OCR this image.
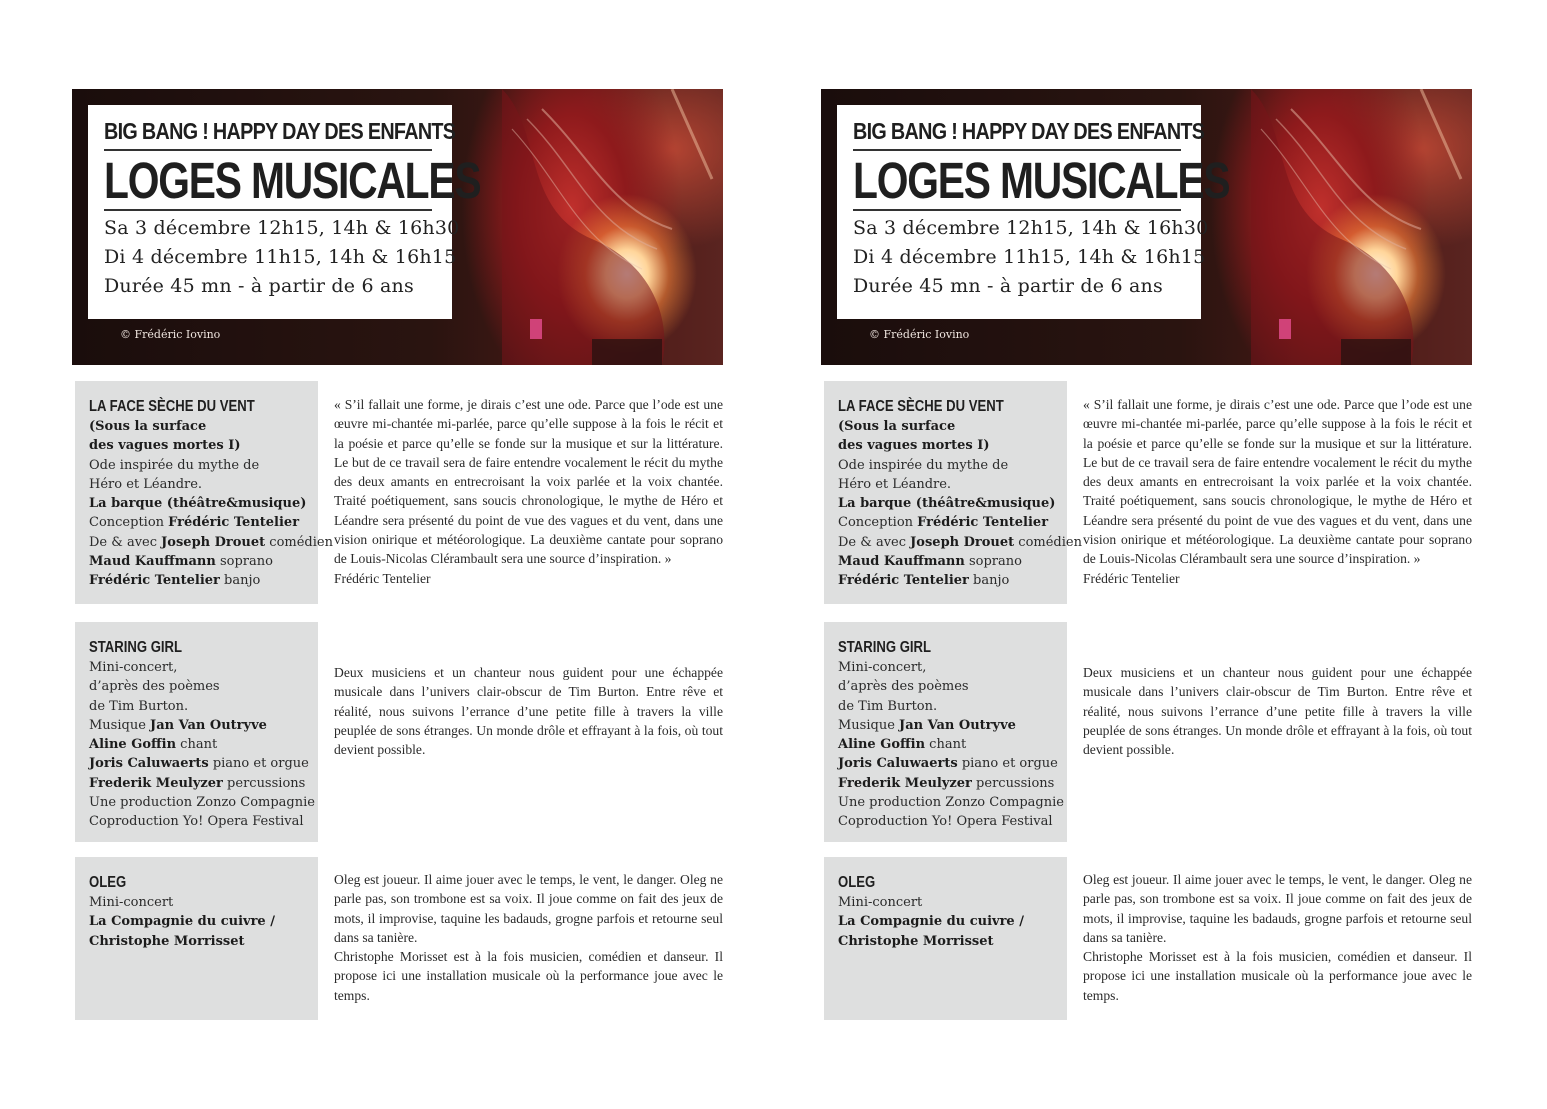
BIG BANG ! HAPPY DAY DES ENFANTS
LOGES MUSICALES
Sa 3 décembre 12h15, 14h & 16h30
Di 4 décembre 11h15, 14h & 16h15
Durée 45 mn - à partir de 6 ans
© Frédéric Iovino
LA FACE SÈCHE DU VENT
(Sous la surface
des vagues mortes I)
Ode inspirée du mythe de
Héro et Léandre.
La barque (théâtre&musique)
Conception Frédéric Tentelier
De & avec Joseph Drouet comédien
Maud Kauffmann soprano
Frédéric Tentelier banjo

« S’il fallait une forme, je dirais c’est une ode. Parce que l’ode est une œuvre mi-chantée mi-parlée, parce qu’elle suppose à la fois le récit et la poésie et parce qu’elle se fonde sur la musique et sur la littérature. Le but de ce travail sera de faire entendre vocalement le récit du mythe des deux amants en entrecroisant la voix parlée et la voix chantée. Traité poétiquement, sans soucis chronologique, le mythe de Héro et Léandre sera présenté du point de vue des vagues et du vent, dans une vision onirique et météorologique. La deuxième cantate pour soprano de Louis-Nicolas Clérambault sera une source d’inspiration. »

Frédéric Tentelier

STARING GIRL
Mini-concert,
d’après des poèmes
de Tim Burton.
Musique Jan Van Outryve
Aline Goffin chant
Joris Caluwaerts piano et orgue
Frederik Meulyzer percussions
Une production Zonzo Compagnie
Coproduction Yo! Opera Festival

Deux musiciens et un chanteur nous guident pour une échappée musicale dans l’univers clair-obscur de Tim Burton. Entre rêve et réalité, nous suivons l’errance d’une petite fille à travers la ville peuplée de sons étranges. Un monde drôle et effrayant à la fois, où tout devient possible.

OLEG
Mini-concert
La Compagnie du cuivre /
Christophe Morrisset

Oleg est joueur. Il aime jouer avec le temps, le vent, le danger. Oleg ne parle pas, son trombone est sa voix. Il joue comme on fait des jeux de mots, il improvise, taquine les badauds, grogne parfois et retourne seul dans sa tanière.

Christophe Morisset est à la fois musicien, comédien et danseur. Il propose ici une installation musicale où la performance joue avec le temps.

BIG BANG ! HAPPY DAY DES ENFANTS
LOGES MUSICALES
Sa 3 décembre 12h15, 14h & 16h30
Di 4 décembre 11h15, 14h & 16h15
Durée 45 mn - à partir de 6 ans
© Frédéric Iovino
LA FACE SÈCHE DU VENT
(Sous la surface
des vagues mortes I)
Ode inspirée du mythe de
Héro et Léandre.
La barque (théâtre&musique)
Conception Frédéric Tentelier
De & avec Joseph Drouet comédien
Maud Kauffmann soprano
Frédéric Tentelier banjo

« S’il fallait une forme, je dirais c’est une ode. Parce que l’ode est une œuvre mi-chantée mi-parlée, parce qu’elle suppose à la fois le récit et la poésie et parce qu’elle se fonde sur la musique et sur la littérature. Le but de ce travail sera de faire entendre vocalement le récit du mythe des deux amants en entrecroisant la voix parlée et la voix chantée. Traité poétiquement, sans soucis chronologique, le mythe de Héro et Léandre sera présenté du point de vue des vagues et du vent, dans une vision onirique et météorologique. La deuxième cantate pour soprano de Louis-Nicolas Clérambault sera une source d’inspiration. »

Frédéric Tentelier

STARING GIRL
Mini-concert,
d’après des poèmes
de Tim Burton.
Musique Jan Van Outryve
Aline Goffin chant
Joris Caluwaerts piano et orgue
Frederik Meulyzer percussions
Une production Zonzo Compagnie
Coproduction Yo! Opera Festival

Deux musiciens et un chanteur nous guident pour une échappée musicale dans l’univers clair-obscur de Tim Burton. Entre rêve et réalité, nous suivons l’errance d’une petite fille à travers la ville peuplée de sons étranges. Un monde drôle et effrayant à la fois, où tout devient possible.

OLEG
Mini-concert
La Compagnie du cuivre /
Christophe Morrisset

Oleg est joueur. Il aime jouer avec le temps, le vent, le danger. Oleg ne parle pas, son trombone est sa voix. Il joue comme on fait des jeux de mots, il improvise, taquine les badauds, grogne parfois et retourne seul dans sa tanière.

Christophe Morisset est à la fois musicien, comédien et danseur. Il propose ici une installation musicale où la performance joue avec le temps.
